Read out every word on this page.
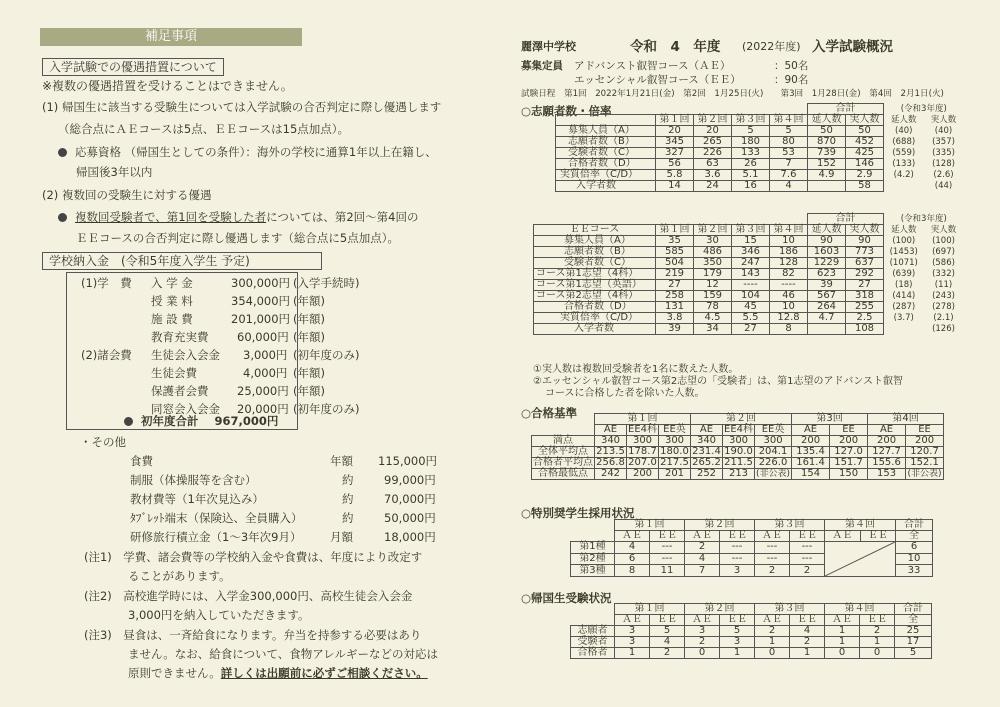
補足事項
入学試験での優遇措置について
※複数の優遇措置を受けることはできません。
(1) 帰国生に該当する受験生については入学試験の合否判定に際し優遇します
（総合点にＡＥコースは5点、ＥＥコースは15点加点）。
応募資格 （帰国生としての条件）：海外の学校に通算1年以上在籍し、
帰国後3年以内
(2) 複数回の受験生に対する優遇
複数回受験者で、第1回を受験した者については、第2回〜第4回の
ＥＥコースの合否判定に際し優遇します（総合点に5点加点）。
学校納入金　(令和5年度入学生 予定)
(1)学　費
(2)諸会費
入 学 金	300,000円 (入学手続時)
授 業 料	354,000円 (年額)
施 設 費	201,000円 (年額)
教育充実費 60,000円 (年額)
生徒会入会金 3,000円 (初年度のみ)
生徒会費	4,000円 (年額)
保護者会費 25,000円 (年額)
同窓会入会金 20,000円 (初年度のみ)
初年度合計 967,000円
・その他
食費	年額 115,000円
制服（体操服等を含む）	約	99,000円
教材費等（1年次見込み）	約	70,000円
ﾀﾌﾞﾚｯﾄ端末（保険込、全員購入）	約	50,000円
研修旅行積立金（1〜3年次9月） 月額	18,000円
(注1)　学費、諸会費等の学校納入金や食費は、年度により改定す
ることがあります。
(注2)　高校進学時には、入学金300,000円、高校生徒会入会金
3,000円を納入していただきます。
(注3)　昼食は、一斉給食になります。弁当を持参する必要はあり
ません。なお、給食について、食物アレルギーなどの対応は
原則できません。詳しくは出願前に必ずご相談ください。
麗澤中学校	令和　4　年度 (2022年度) 入学試験概況
募集定員 アドバンスト叡智コース（ＡＥ）	：50名
エッセンシャル叡智コース（ＥＥ）	：90名
試験日程　第1回　2022年1月21日(金)　第2回　1月25日(火)　　第3回　1月28日(金)　第4回　2月1日(火)
○志願者数・倍率
					合計		(令和3年度)	
	第１回	第２回	第３回	第４回	延人数	実人数	延人数	実人数
募集人員（A）	20	20	5	5	50	50	(40)	(40)
志願者数（B）	345	265	180	80	870	452	(688)	(357)
受験者数（C）	327	226	133	53	739	425	(559)	(335)
合格者数（D）	56	63	26	7	152	146	(133)	(128)
実質倍率（C/D）	5.8	3.6	5.1	7.6	4.9	2.9	(4.2)	(2.6)
入学者数	14	24	16	4		58		(44)
					合計		(令和3年度)	
ＥＥコース	第１回	第２回	第３回	第４回	延人数	実人数	延人数	実人数
募集人員（A）	35	30	15	10	90	90	(100)	(100)
志願者数（B）	585	486	346	186	1603	773	(1453)	(697)
受験者数（C）	504	350	247	128	1229	637	(1071)	(586)
コース第1志望（4科）	219	179	143	82	623	292	(639)	(332)
コース第1志望（英語）	27	12	----	----	39	27	(18)	(11)
コース第2志望（4科）	258	159	104	46	567	318	(414)	(243)
合格者数（D）	131	78	45	10	264	255	(287)	(278)
実質倍率（C/D）	3.8	4.5	5.5	12.8	4.7	2.5	(3.7)	(2.1)
入学者数	39	34	27	8		108		(126)
①実人数は複数回受験者を1名に数えた人数。
②エッセンシャル叡智コース第2志望の「受験者」は、第1志望のアドバンスト叡智
コースに合格した者を除いた人数。
○合格基準
		第１回			第２回			第3回		第4回	
	AE	EE4科	EE英	AE	EE4科	EE英	AE	EE	AE	EE
満点	340	300	300	340	300	300	200	200	200	200
全体平均点	213.5	178.7	180.0	231.4	190.0	204.1	135.4	127.0	127.7	120.7
合格者平均点	256.8	207.0	217.5	265.2	211.5	226.0	161.4	151.7	155.6	152.1
合格最低点	242	200	201	252	213	(非公表)	154	150	153	(非公表)
○特別奨学生採用状況
	第１回		第２回		第３回		第４回		合計
	ＡＥ	ＥＥ	ＡＥ	ＥＥ	ＡＥ	ＥＥ	ＡＥ	ＥＥ	全
第1種	4	---	2	---	---	---			6
第2種	6	---	4	---	---	---			10
第3種	8	11	7	3	2	2			33
○帰国生受験状況
	第１回		第２回		第３回		第４回		合計
	ＡＥ	ＥＥ	ＡＥ	ＥＥ	ＡＥ	ＥＥ	ＡＥ	ＥＥ	全
志願者	3	5	3	5	2	4	1	2	25
受験者	3	4	2	3	1	2	1	1	17
合格者	1	2	0	1	0	1	0	0	5
